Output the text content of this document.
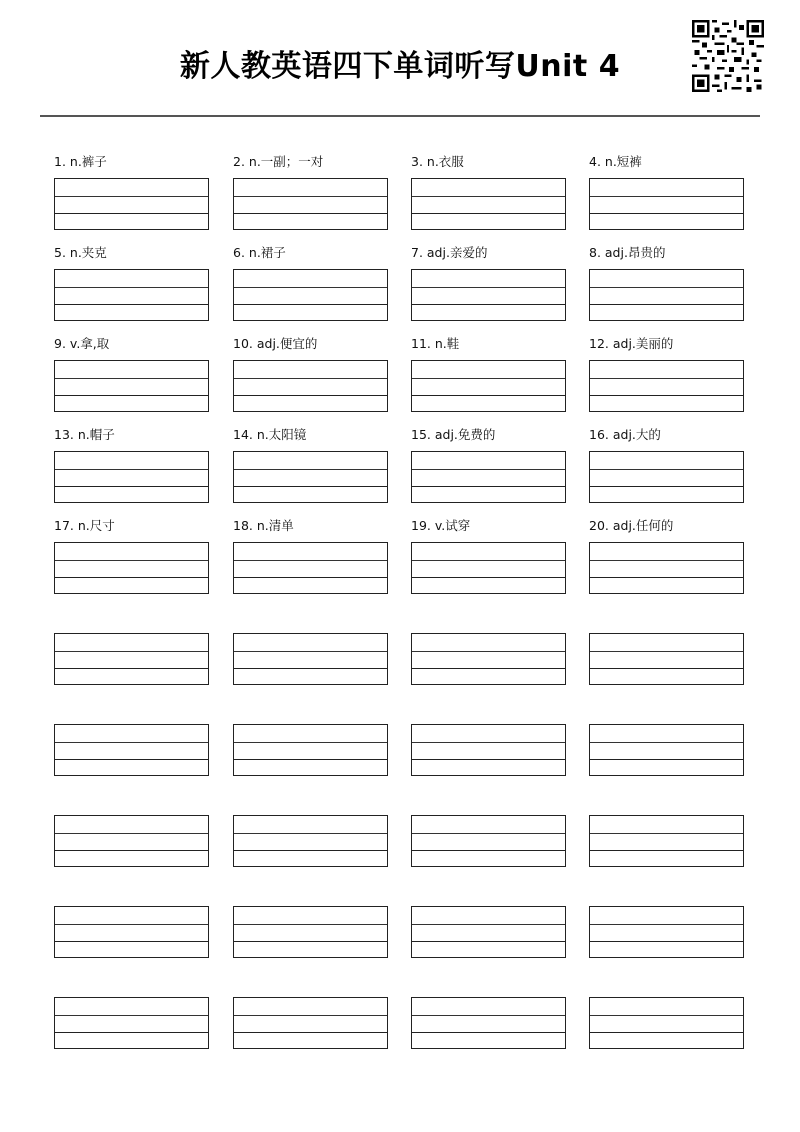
新人教英语四下单词听写Unit 4
1. n.裤子	2. n.一副；一对	3. n.衣服	4. n.短裤
5. n.夹克	6. n.裙子	7. adj.亲爱的	8. adj.昂贵的
9. v.拿,取	10. adj.便宜的	11. n.鞋	12. adj.美丽的
13. n.帽子	14. n.太阳镜	15. adj.免费的	16. adj.大的
17. n.尺寸	18. n.清单	19. v.试穿	20. adj.任何的
